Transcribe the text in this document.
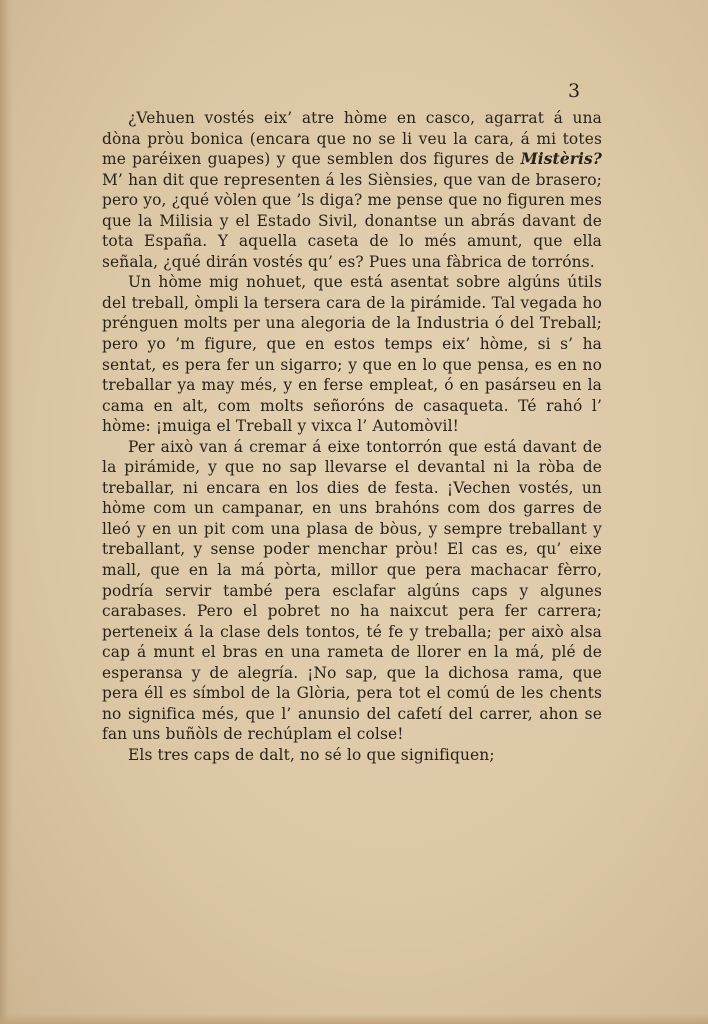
3

¿Vehuen vostés eix’ atre hòme en casco, agarrat á una dòna pròu bonica (encara que no se li veu la cara, á mi totes me paréixen guapes) y que semblen dos figures de Mistèris? M’ han dit que representen á les Siènsies, que van de brasero; pero yo, ¿qué vòlen que ’ls diga? me pense que no figuren mes que la Milisia y el Estado Sivil, donantse un abrás davant de tota España. Y aquella caseta de lo més amunt, que ella señala, ¿qué dirán vostés qu’ es? Pues una fàbrica de torróns.

Un hòme mig nohuet, que está asentat sobre algúns útils del treball, òmpli la tersera cara de la pirámide. Tal vegada ho prénguen molts per una alegoria de la Industria ó del Treball; pero yo ’m figure, que en estos temps eix’ hòme, si s’ ha sentat, es pera fer un sigarro; y que en lo que pensa, es en no treballar ya may més, y en ferse empleat, ó en pasárseu en la cama en alt, com molts señoróns de casaqueta. Té rahó l’ hòme: ¡muiga el Treball y vixca l’ Automòvil!

Per això van á cremar á eixe tontorrón que está davant de la pirámide, y que no sap llevarse el devantal ni la ròba de treballar, ni encara en los dies de festa. ¡Vechen vostés, un hòme com un campanar, en uns brahóns com dos garres de lleó y en un pit com una plasa de bòus, y sempre treballant y treballant, y sense poder menchar pròu! El cas es, qu’ eixe mall, que en la má pòrta, millor que pera machacar fèrro, podría servir també pera esclafar algúns caps y algunes carabases. Pero el pobret no ha naixcut pera fer carrera; perteneix á la clase dels tontos, té fe y treballa; per això alsa cap á munt el bras en una rameta de llorer en la má, plé de esperansa y de alegría. ¡No sap, que la dichosa rama, que pera éll es símbol de la Glòria, pera tot el comú de les chents no significa més, que l’ anunsio del cafetí del carrer, ahon se fan uns buñòls de rechúplam el colse!

Els tres caps de dalt, no sé lo que signifiquen;
